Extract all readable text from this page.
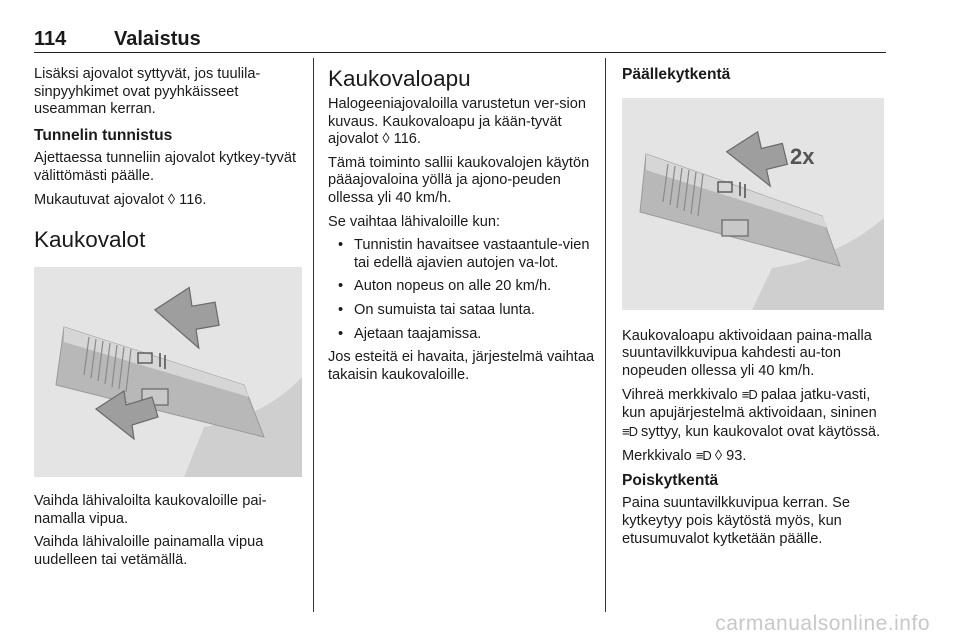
114 Valaistus

Lisäksi ajovalot syttyvät, jos tuulila-sinpyyhkimet ovat pyyhkäisseet useamman kerran.

Tunnelin tunnistus

Ajettaessa tunneliin ajovalot kytkey-tyvät välittömästi päälle.

Mukautuvat ajovalot ◊ 116.

Kaukovalot

Vaihda lähivaloilta kaukovaloille pai-namalla vipua.

Vaihda lähivaloille painamalla vipua uudelleen tai vetämällä.

Kaukovaloapu

Halogeeniajovaloilla varustetun ver-sion kuvaus. Kaukovaloapu ja kään-tyvät ajovalot ◊ 116.

Tämä toiminto sallii kaukovalojen käytön pääajovaloina yöllä ja ajono-peuden ollessa yli 40 km/h.

Se vaihtaa lähivaloille kun:

• Tunnistin havaitsee vastaantule-vien tai edellä ajavien autojen va-lot.
• Auton nopeus on alle 20 km/h.
• On sumuista tai sataa lunta.
• Ajetaan taajamissa.

Jos esteitä ei havaita, järjestelmä vaihtaa takaisin kaukovaloille.

Päällekytkentä
2x

Kaukovaloapu aktivoidaan paina-malla suuntavilkkuvipua kahdesti au-ton nopeuden ollessa yli 40 km/h.

Vihreä merkkivalo ≡D palaa jatku-vasti, kun apujärjestelmä aktivoidaan, sininen ≡D syttyy, kun kaukovalot ovat käytössä.

Merkkivalo ≡D ◊ 93.

Poiskytkentä

Paina suuntavilkkuvipua kerran. Se kytkeytyy pois käytöstä myös, kun etusumuvalot kytketään päälle.

carmanualsonline.info
